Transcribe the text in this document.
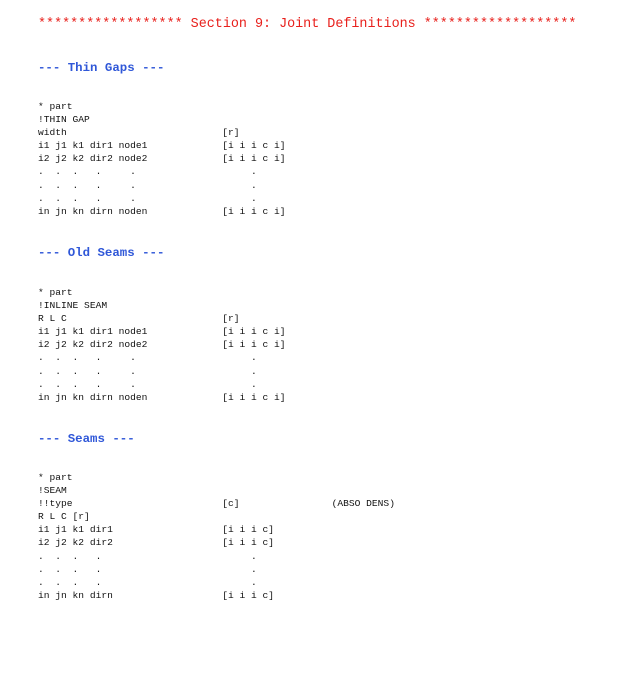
****************** Section 9: Joint Definitions *******************
--- Thin Gaps ---
* part
!THIN GAP
width                           [r]
i1 j1 k1 dir1 node1             [i i i c i]
i2 j2 k2 dir2 node2             [i i i c i]
.  .  .   .     .                    .
.  .  .   .     .                    .
.  .  .   .     .                    .
in jn kn dirn noden             [i i i c i]
--- Old Seams ---
* part
!INLINE SEAM
R L C                           [r]
i1 j1 k1 dir1 node1             [i i i c i]
i2 j2 k2 dir2 node2             [i i i c i]
.  .  .   .     .                    .
.  .  .   .     .                    .
.  .  .   .     .                    .
in jn kn dirn noden             [i i i c i]
--- Seams ---
* part
!SEAM
!!type                          [c]                (ABSO DENS)
R L C [r]
i1 j1 k1 dir1                   [i i i c]
i2 j2 k2 dir2                   [i i i c]
.  .  .   .                          .
.  .  .   .                          .
.  .  .   .                          .
in jn kn dirn                   [i i i c]
